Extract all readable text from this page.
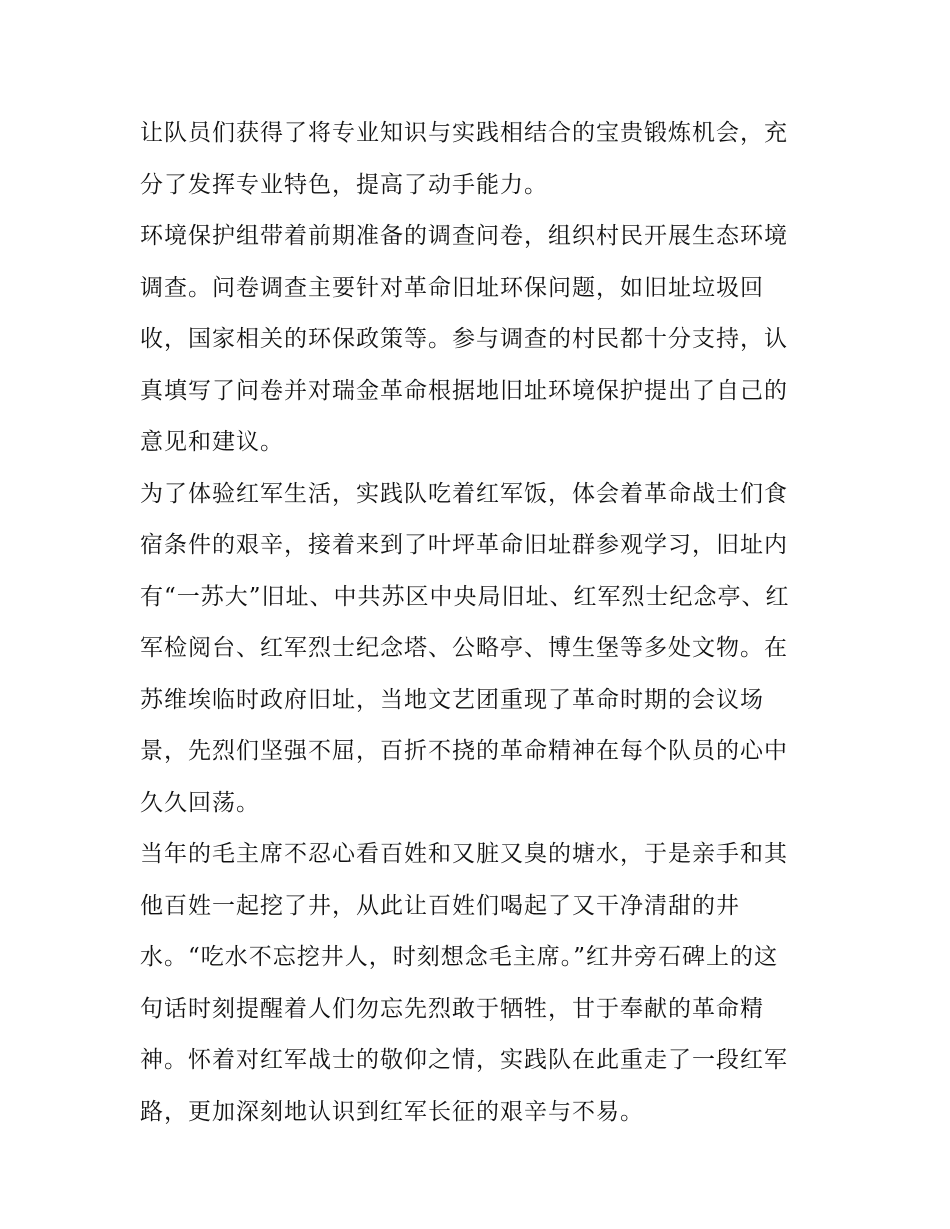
让队员们获得了将专业知识与实践相结合的宝贵锻炼机会，充
分了发挥专业特色，提高了动手能力。
环境保护组带着前期准备的调查问卷，组织村民开展生态环境
调查。问卷调查主要针对革命旧址环保问题，如旧址垃圾回
收，国家相关的环保政策等。参与调查的村民都十分支持，认
真填写了问卷并对瑞金革命根据地旧址环境保护提出了自己的
意见和建议。
为了体验红军生活，实践队吃着红军饭，体会着革命战士们食
宿条件的艰辛，接着来到了叶坪革命旧址群参观学习，旧址内
有“一苏大”旧址、中共苏区中央局旧址、红军烈士纪念亭、红
军检阅台、红军烈士纪念塔、公略亭、博生堡等多处文物。在
苏维埃临时政府旧址，当地文艺团重现了革命时期的会议场
景，先烈们坚强不屈，百折不挠的革命精神在每个队员的心中
久久回荡。
当年的毛主席不忍心看百姓和又脏又臭的塘水，于是亲手和其
他百姓一起挖了井，从此让百姓们喝起了又干净清甜的井
水。“吃水不忘挖井人，时刻想念毛主席。”红井旁石碑上的这
句话时刻提醒着人们勿忘先烈敢于牺牲，甘于奉献的革命精
神。怀着对红军战士的敬仰之情，实践队在此重走了一段红军
路，更加深刻地认识到红军长征的艰辛与不易。
